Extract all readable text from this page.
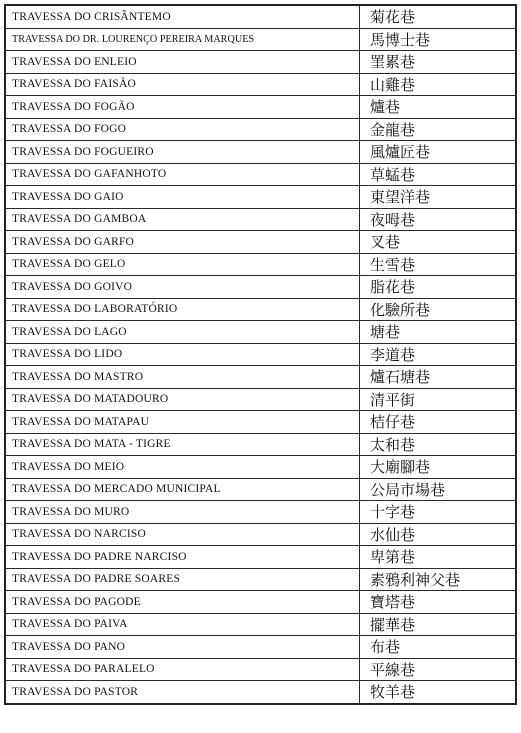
TRAVESSA DO CRISÂNTEMO	菊花巷
TRAVESSA DO DR. LOURENÇO PEREIRA MARQUES	馬博士巷
TRAVESSA DO ENLEIO	罣累巷
TRAVESSA DO FAISÃO	山雞巷
TRAVESSA DO FOGÃO	爐巷
TRAVESSA DO FOGO	金龍巷
TRAVESSA DO FOGUEIRO	風爐匠巷
TRAVESSA DO GAFANHOTO	草蜢巷
TRAVESSA DO GAIO	東望洋巷
TRAVESSA DO GAMBOA	夜呣巷
TRAVESSA DO GARFO	叉巷
TRAVESSA DO GELO	生雪巷
TRAVESSA DO GOIVO	脂花巷
TRAVESSA DO LABORATÓRIO	化驗所巷
TRAVESSA DO LAGO	塘巷
TRAVESSA DO LIDO	李道巷
TRAVESSA DO MASTRO	爐石塘巷
TRAVESSA DO MATADOURO	清平街
TRAVESSA DO MATAPAU	桔仔巷
TRAVESSA DO MATA - TIGRE	太和巷
TRAVESSA DO MEIO	大廟腳巷
TRAVESSA DO MERCADO MUNICIPAL	公局市場巷
TRAVESSA DO MURO	十字巷
TRAVESSA DO NARCISO	水仙巷
TRAVESSA DO PADRE NARCISO	卑第巷
TRAVESSA DO PADRE SOARES	素鴉利神父巷
TRAVESSA DO PAGODE	寶塔巷
TRAVESSA DO PAIVA	擺華巷
TRAVESSA DO PANO	布巷
TRAVESSA DO PARALELO	平線巷
TRAVESSA DO PASTOR	牧羊巷
